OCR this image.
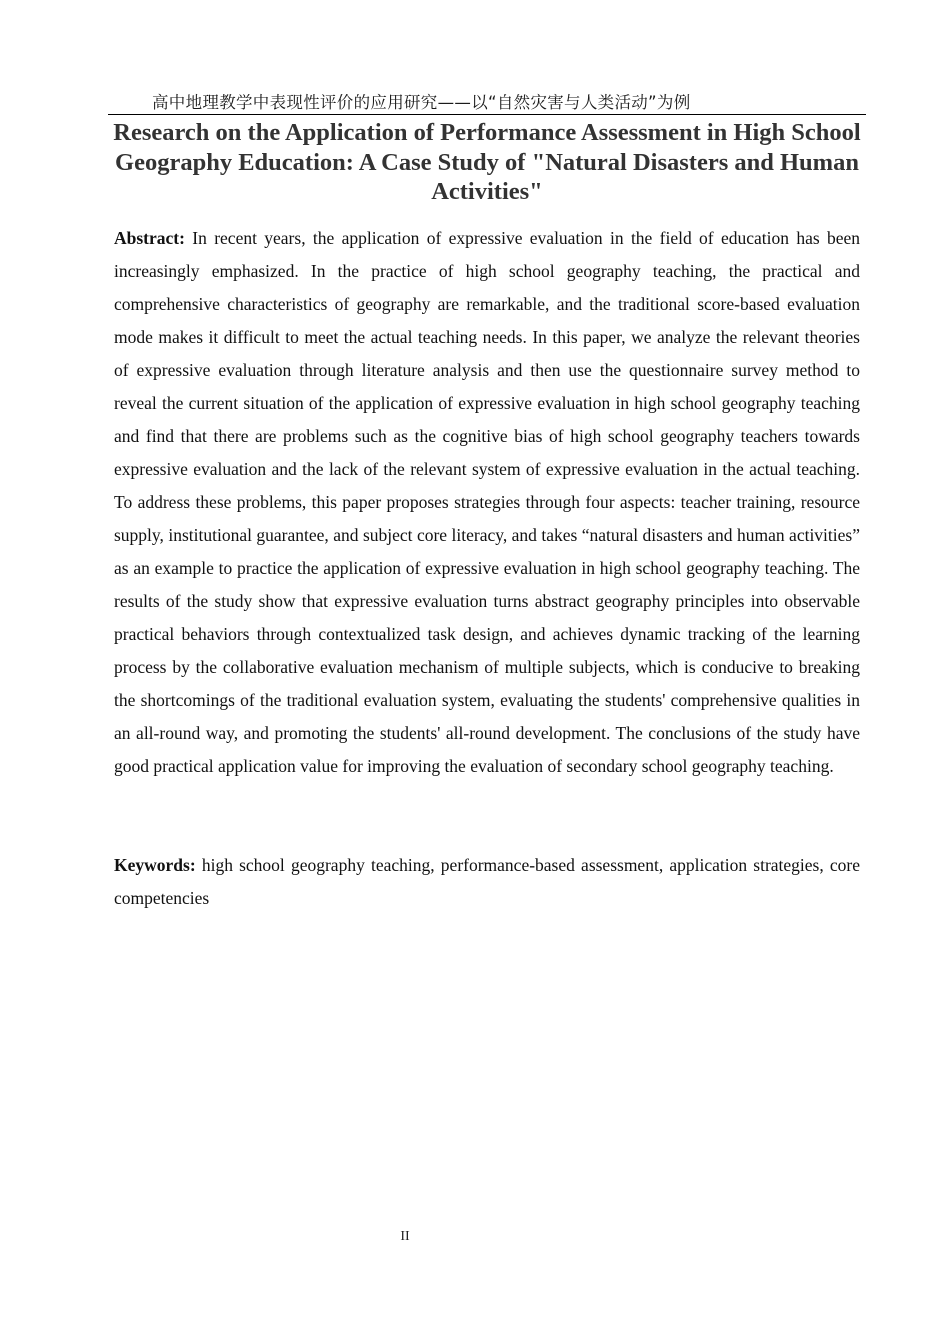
高中地理教学中表现性评价的应用研究——以“自然灾害与人类活动”为例
Research on the Application of Performance Assessment in High School Geography Education: A Case Study of "Natural Disasters and Human Activities"

Abstract: In recent years, the application of expressive evaluation in the field of education has been increasingly emphasized. In the practice of high school geography teaching, the practical and comprehensive characteristics of geography are remarkable, and the traditional score-based evaluation mode makes it difficult to meet the actual teaching needs. In this paper, we analyze the relevant theories of expressive evaluation through literature analysis and then use the questionnaire survey method to reveal the current situation of the application of expressive evaluation in high school geography teaching and find that there are problems such as the cognitive bias of high school geography teachers towards expressive evaluation and the lack of the relevant system of expressive evaluation in the actual teaching. To address these problems, this paper proposes strategies through four aspects: teacher training, resource supply, institutional guarantee, and subject core literacy, and takes “natural disasters and human activities” as an example to practice the application of expressive evaluation in high school geography teaching. The results of the study show that expressive evaluation turns abstract geography principles into observable practical behaviors through contextualized task design, and achieves dynamic tracking of the learning process by the collaborative evaluation mechanism of multiple subjects, which is conducive to breaking the shortcomings of the traditional evaluation system, evaluating the students' comprehensive qualities in an all-round way, and promoting the students' all-round development. The conclusions of the study have good practical application value for improving the evaluation of secondary school geography teaching.

Keywords: high school geography teaching, performance-based assessment, application strategies, core competencies

II
